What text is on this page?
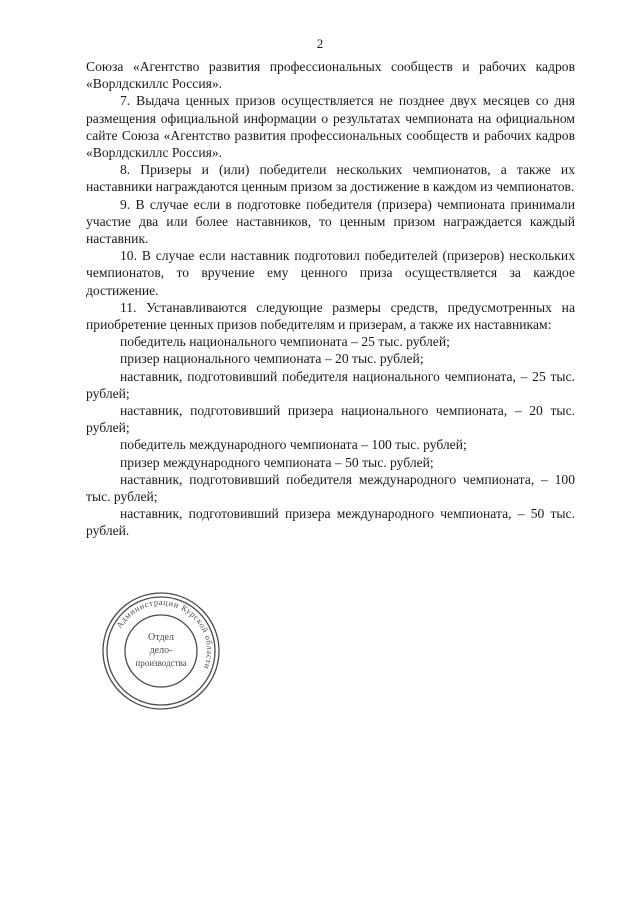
2

Союза «Агентство развития профессиональных сообществ и рабочих кадров «Ворлдскиллс Россия».

7. Выдача ценных призов осуществляется не позднее двух месяцев со дня размещения официальной информации о результатах чемпионата на официальном сайте Союза «Агентство развития профессиональных сообществ и рабочих кадров «Ворлдскиллс Россия».

8. Призеры и (или) победители нескольких чемпионатов, а также их наставники награждаются ценным призом за достижение в каждом из чемпионатов.

9. В случае если в подготовке победителя (призера) чемпионата принимали участие два или более наставников, то ценным призом награждается каждый наставник.

10. В случае если наставник подготовил победителей (призеров) нескольких чемпионатов, то вручение ему ценного приза осуществляется за каждое достижение.

11. Устанавливаются следующие размеры средств, предусмотренных на приобретение ценных призов победителям и призерам, а также их наставникам:

победитель национального чемпионата – 25 тыс. рублей;

призер национального чемпионата – 20 тыс. рублей;

наставник, подготовивший победителя национального чемпионата, – 25 тыс. рублей;

наставник, подготовивший призера национального чемпионата, – 20 тыс. рублей;

победитель международного чемпионата – 100 тыс. рублей;

призер международного чемпионата – 50 тыс. рублей;

наставник, подготовивший победителя международного чемпионата, – 100 тыс. рублей;

наставник, подготовивший призера международного чемпионата, – 50 тыс. рублей.

Администрации Курской области
Отдел
дело-
производства
